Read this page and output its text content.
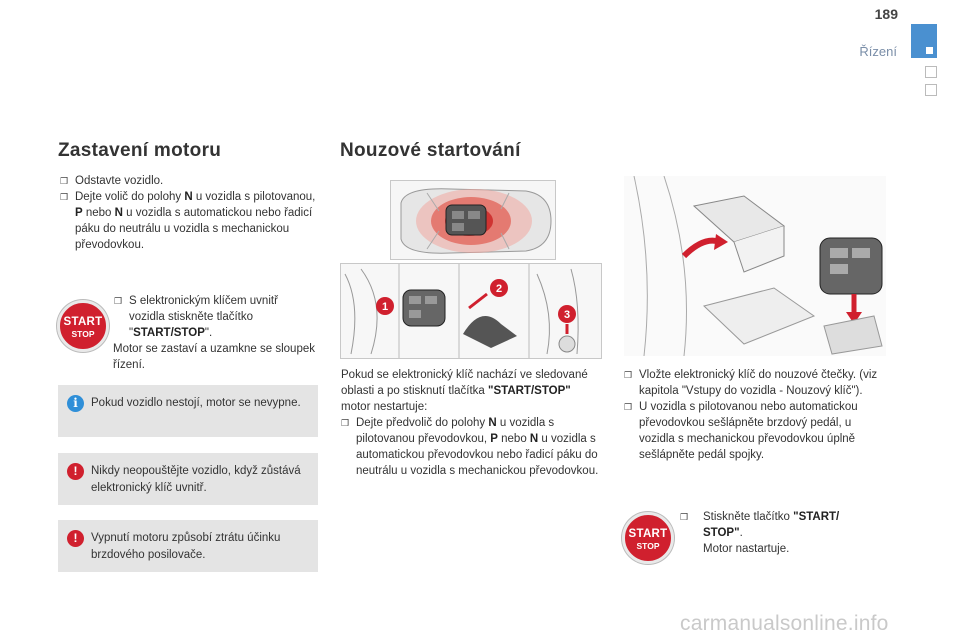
189
Řízení
Zastavení motoru
❒ Odstavte vozidlo.
❒ Dejte volič do polohy N u vozidla s pilotovanou, P nebo N u vozidla s automatickou nebo řadicí páku do neutrálu u vozidla s mechanickou převodovkou.
START
STOP
❒ S elektronickým klíčem uvnitř vozidla stiskněte tlačítko "START/STOP".
Motor se zastaví a uzamkne se sloupek řízení.
i	Pokud vozidlo nestojí, motor se nevypne.
!	Nikdy neopouštějte vozidlo, když zůstává elektronický klíč uvnitř.
!	Vypnutí motoru způsobí ztrátu účinku brzdového posilovače.
Nouzové startování
1
2
3
Pokud se elektronický klíč nachází ve sledované oblasti a po stisknutí tlačítka "START/STOP" motor nestartuje:
❒ Dejte předvolič do polohy N u vozidla s pilotovanou převodovkou, P nebo N u vozidla s automatickou převodovkou nebo řadicí páku do neutrálu u vozidla s mechanickou převodovkou.
❒ Vložte elektronický klíč do nouzové čtečky. (viz kapitola "Vstupy do vozidla - Nouzový klíč").
❒ U vozidla s pilotovanou nebo automatickou převodovkou sešlápněte brzdový pedál, u vozidla s mechanickou převodovkou úplně sešlápněte pedál spojky.
START
STOP
❒ Stiskněte tlačítko "START/ STOP".
Motor nastartuje.
carmanualsonline.info
